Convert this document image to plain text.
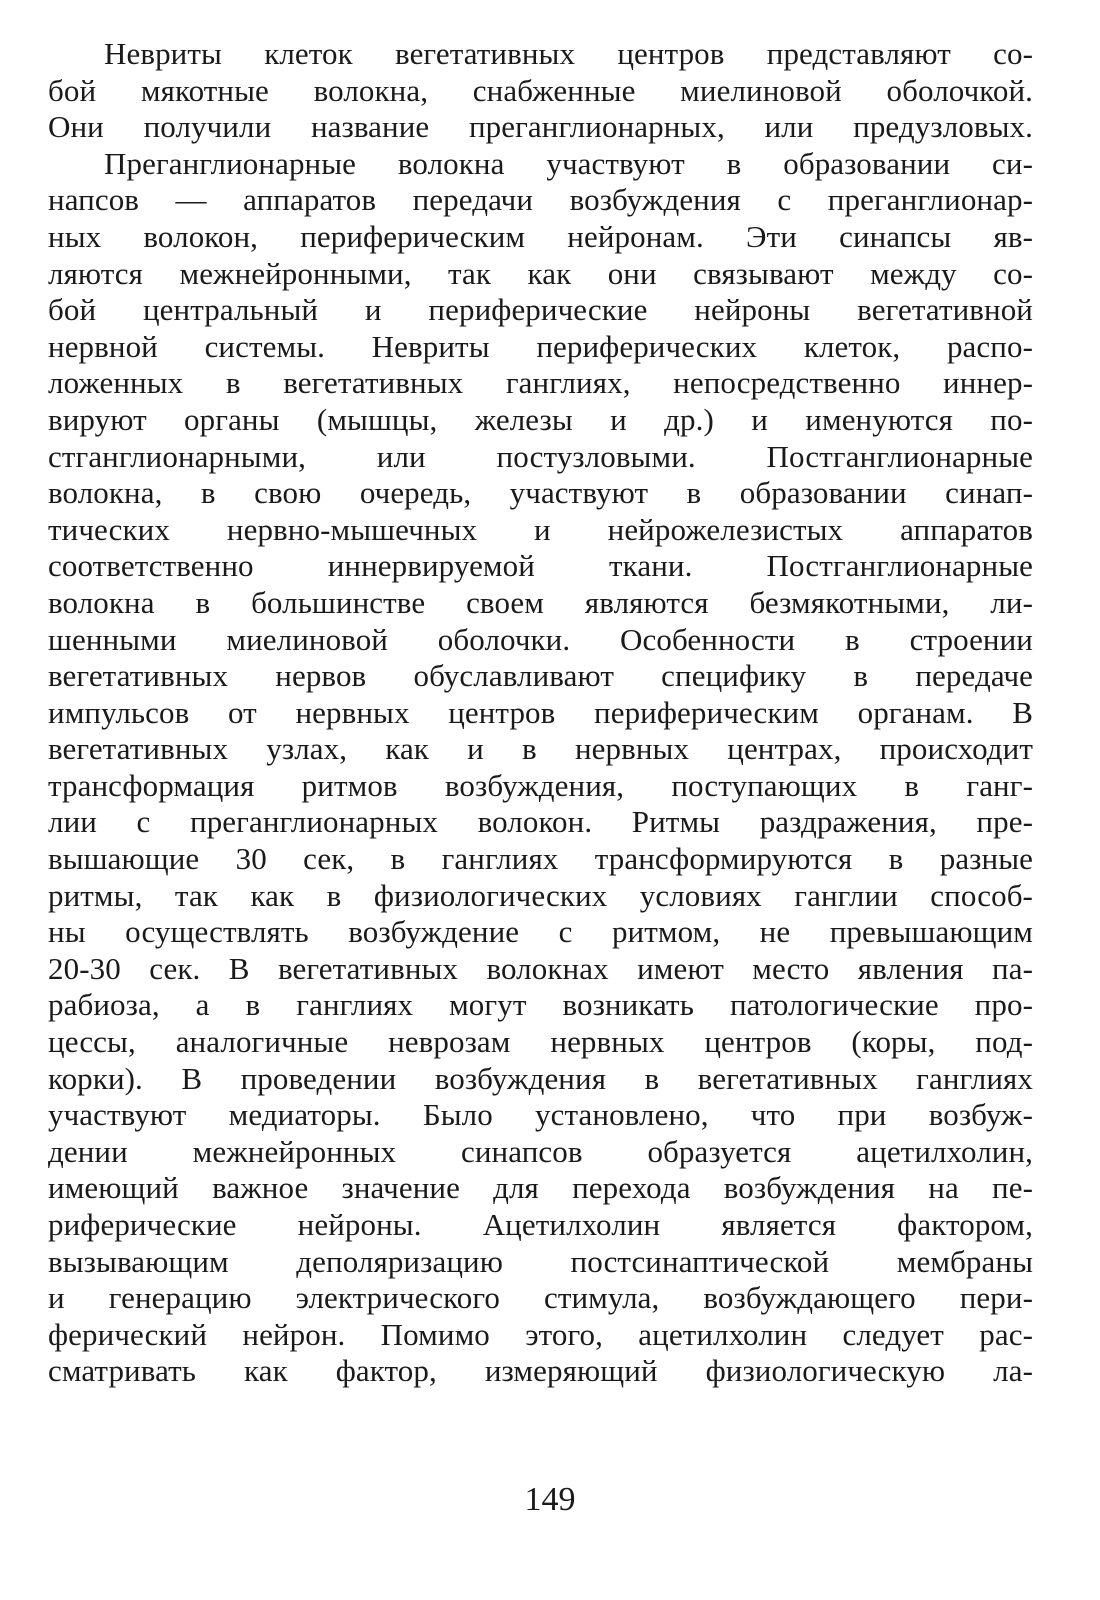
Невриты клеток вегетативных центров представляют со-
бой мякотные волокна, снабженные миелиновой оболочкой.
Они получили название преганглионарных, или предузловых.

Преганглионарные волокна участвуют в образовании си-
напсов — аппаратов передачи возбуждения с преганглионар-
ных волокон, периферическим нейронам. Эти синапсы яв-
ляются межнейронными, так как они связывают между со-
бой центральный и периферические нейроны вегетативной
нервной системы. Невриты периферических клеток, распо-
ложенных в вегетативных ганглиях, непосредственно иннер-
вируют органы (мышцы, железы и др.) и именуются по-
стганглионарными, или постузловыми. Постганглионарные
волокна, в свою очередь, участвуют в образовании синап-
тических нервно-мышечных и нейрожелезистых аппаратов
соответственно иннервируемой ткани. Постганглионарные
волокна в большинстве своем являются безмякотными, ли-
шенными миелиновой оболочки. Особенности в строении
вегетативных нервов обуславливают специфику в передаче
импульсов от нервных центров периферическим органам. В
вегетативных узлах, как и в нервных центрах, происходит
трансформация ритмов возбуждения, поступающих в ганг-
лии с преганглионарных волокон. Ритмы раздражения, пре-
вышающие 30 сек, в ганглиях трансформируются в разные
ритмы, так как в физиологических условиях ганглии способ-
ны осуществлять возбуждение с ритмом, не превышающим
20-30 сек. В вегетативных волокнах имеют место явления па-
рабиоза, а в ганглиях могут возникать патологические про-
цессы, аналогичные неврозам нервных центров (коры, под-
корки). В проведении возбуждения в вегетативных ганглиях
участвуют медиаторы. Было установлено, что при возбуж-
дении межнейронных синапсов образуется ацетилхолин,
имеющий важное значение для перехода возбуждения на пе-
риферические нейроны. Ацетилхолин является фактором,
вызывающим деполяризацию постсинаптической мембраны
и генерацию электрического стимула, возбуждающего пери-
ферический нейрон. Помимо этого, ацетилхолин следует рас-
сматривать как фактор, измеряющий физиологическую ла-

149
